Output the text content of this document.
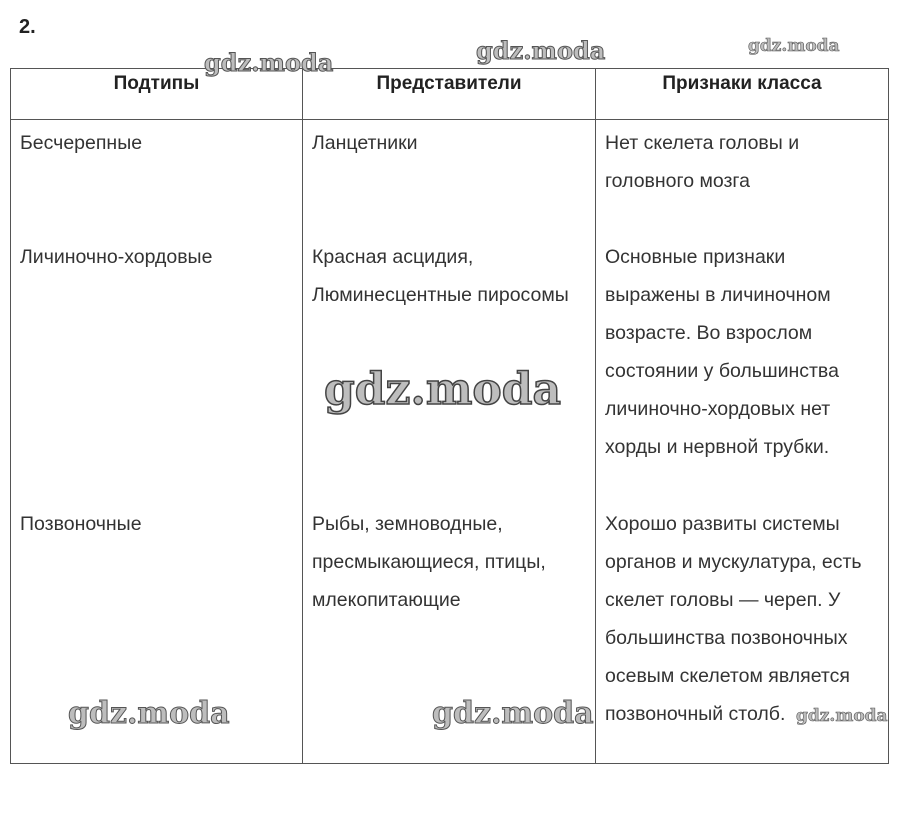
2.
Подтипы	Представители	Признаки класса
Бесчерепные	Ланцетники	Нет скелета головы и головного мозга
Личиночно-хордовые	Красная асцидия, Люминесцентные пиросомы	Основные признаки выражены в личиночном возрасте. Во взрослом состоянии у большинства личиночно-хордовых нет хорды и нервной трубки.
Позвоночные	Рыбы, земноводные, пресмыкающиеся, птицы, млекопитающие	Хорошо развиты системы органов и мускулатура, есть скелет головы — череп. У большинства позвоночных осевым скелетом является позвоночный столб.
gdz.moda	gdz.moda	gdz.moda
gdz.moda
gdz.moda	gdz.moda	gdz.moda
